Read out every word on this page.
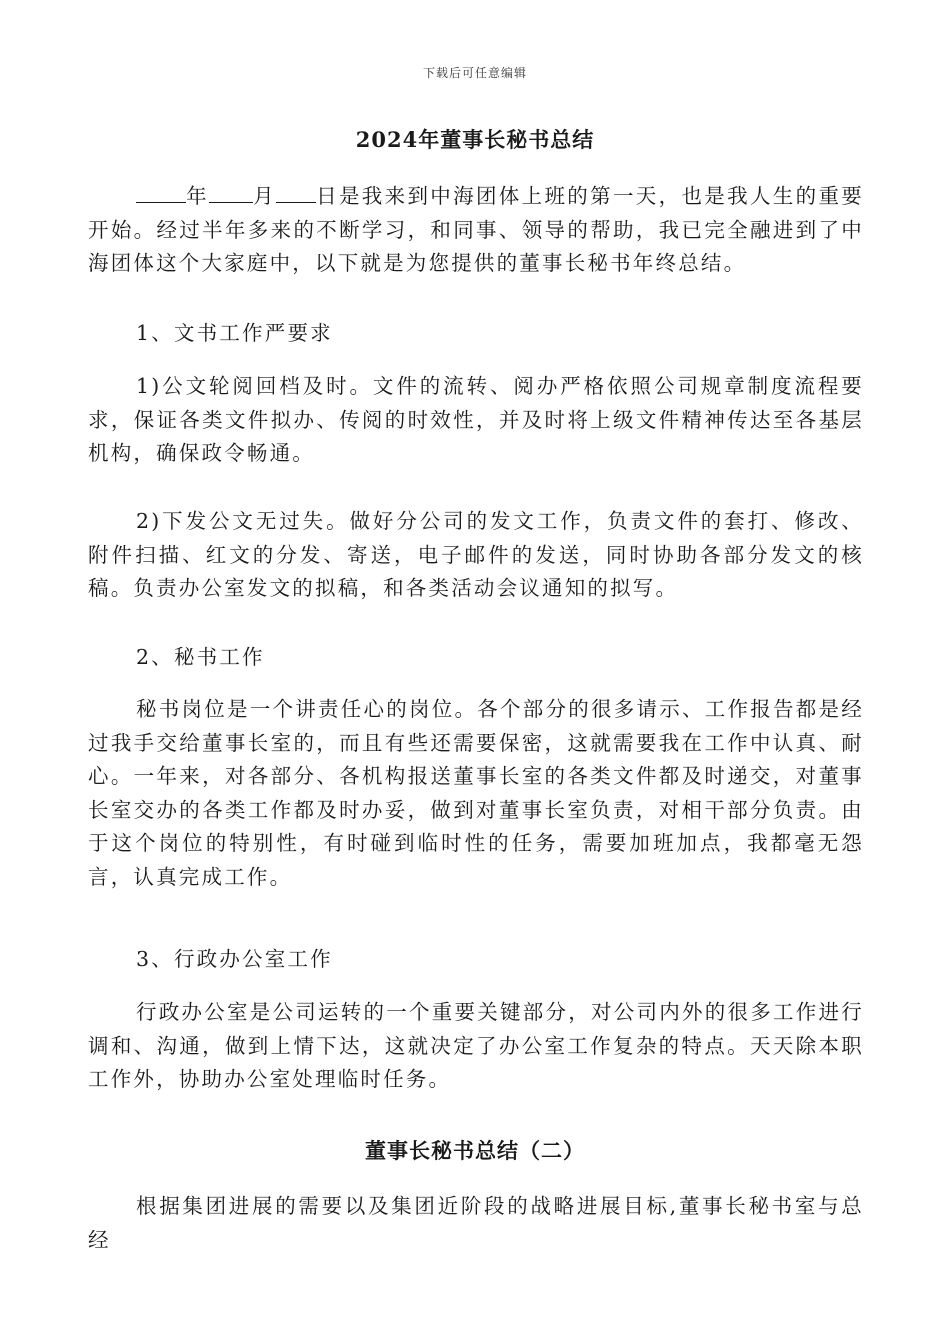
下载后可任意编辑
2024年董事长秘书总结

年 月 日是我来到中海团体上班的第一天，也是我人生的重要开始。经过半年多来的不断学习，和同事、领导的帮助，我已完全融进到了中海团体这个大家庭中，以下就是为您提供的董事长秘书年终总结。

1、文书工作严要求

1)公文轮阅回档及时。文件的流转、阅办严格依照公司规章制度流程要求，保证各类文件拟办、传阅的时效性，并及时将上级文件精神传达至各基层机构，确保政令畅通。

2)下发公文无过失。做好分公司的发文工作，负责文件的套打、修改、附件扫描、红文的分发、寄送，电子邮件的发送，同时协助各部分发文的核稿。负责办公室发文的拟稿，和各类活动会议通知的拟写。

2、秘书工作

秘书岗位是一个讲责任心的岗位。各个部分的很多请示、工作报告都是经过我手交给董事长室的，而且有些还需要保密，这就需要我在工作中认真、耐心。一年来，对各部分、各机构报送董事长室的各类文件都及时递交，对董事长室交办的各类工作都及时办妥，做到对董事长室负责，对相干部分负责。由于这个岗位的特别性，有时碰到临时性的任务，需要加班加点，我都毫无怨言，认真完成工作。

3、行政办公室工作

行政办公室是公司运转的一个重要关键部分，对公司内外的很多工作进行调和、沟通，做到上情下达，这就决定了办公室工作复杂的特点。天天除本职工作外，协助办公室处理临时任务。

董事长秘书总结（二）

根据集团进展的需要以及集团近阶段的战略进展目标,董事长秘书室与总经
